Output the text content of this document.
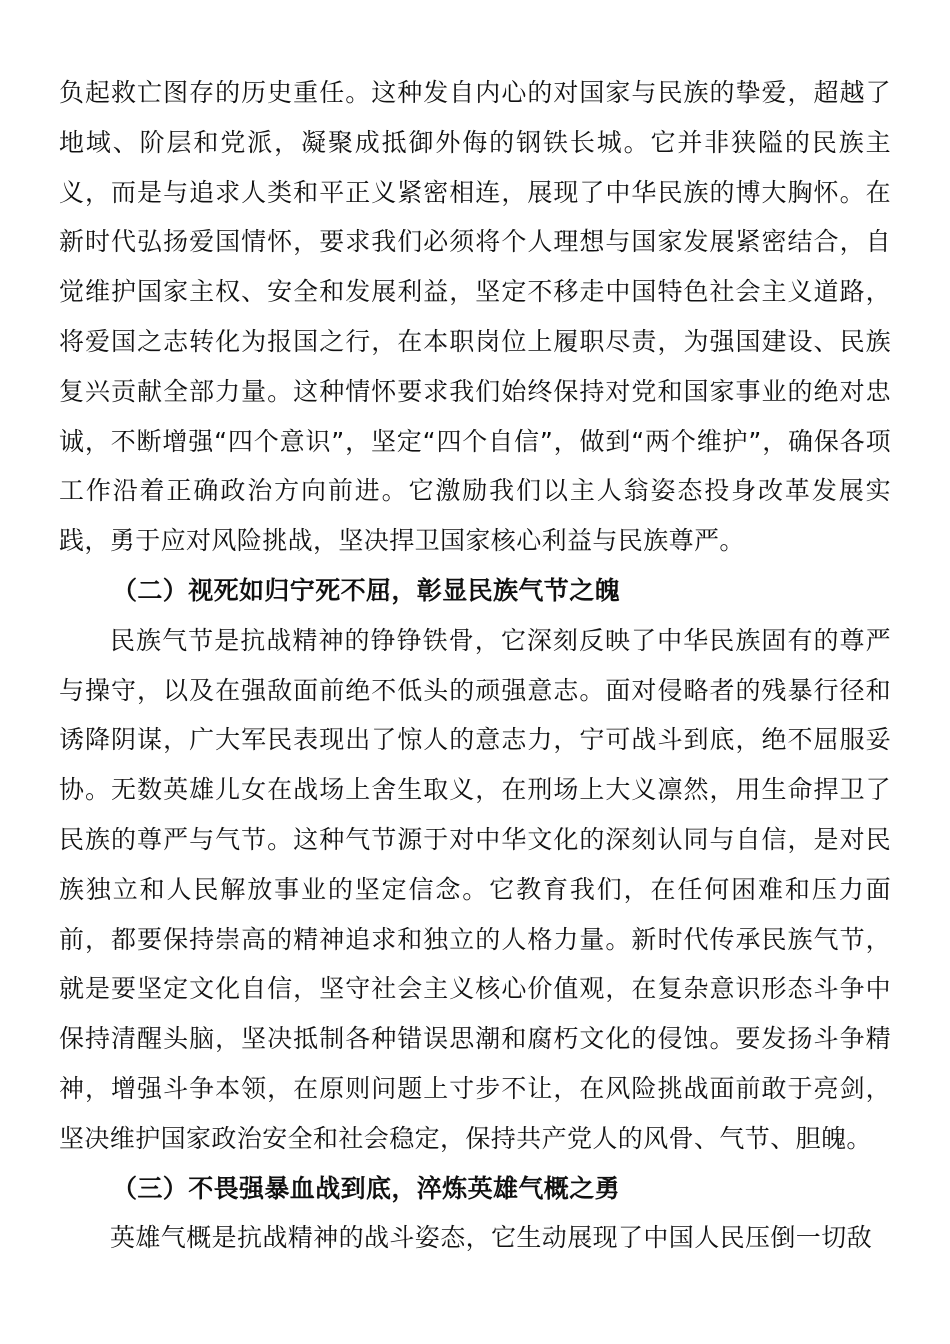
负起救亡图存的历史重任。这种发自内心的对国家与民族的挚爱，超越了地域、阶层和党派，凝聚成抵御外侮的钢铁长城。它并非狭隘的民族主义，而是与追求人类和平正义紧密相连，展现了中华民族的博大胸怀。在新时代弘扬爱国情怀，要求我们必须将个人理想与国家发展紧密结合，自觉维护国家主权、安全和发展利益，坚定不移走中国特色社会主义道路，将爱国之志转化为报国之行，在本职岗位上履职尽责，为强国建设、民族复兴贡献全部力量。这种情怀要求我们始终保持对党和国家事业的绝对忠诚，不断增强“四个意识”，坚定“四个自信”，做到“两个维护”，确保各项工作沿着正确政治方向前进。它激励我们以主人翁姿态投身改革发展实践，勇于应对风险挑战，坚决捍卫国家核心利益与民族尊严。

（二）视死如归宁死不屈，彰显民族气节之魄

民族气节是抗战精神的铮铮铁骨，它深刻反映了中华民族固有的尊严与操守，以及在强敌面前绝不低头的顽强意志。面对侵略者的残暴行径和诱降阴谋，广大军民表现出了惊人的意志力，宁可战斗到底，绝不屈服妥协。无数英雄儿女在战场上舍生取义，在刑场上大义凛然，用生命捍卫了民族的尊严与气节。这种气节源于对中华文化的深刻认同与自信，是对民族独立和人民解放事业的坚定信念。它教育我们，在任何困难和压力面前，都要保持崇高的精神追求和独立的人格力量。新时代传承民族气节，就是要坚定文化自信，坚守社会主义核心价值观，在复杂意识形态斗争中保持清醒头脑，坚决抵制各种错误思潮和腐朽文化的侵蚀。要发扬斗争精神，增强斗争本领，在原则问题上寸步不让，在风险挑战面前敢于亮剑，坚决维护国家政治安全和社会稳定，保持共产党人的风骨、气节、胆魄。

（三）不畏强暴血战到底，淬炼英雄气概之勇

英雄气概是抗战精神的战斗姿态，它生动展现了中国人民压倒一切敌
